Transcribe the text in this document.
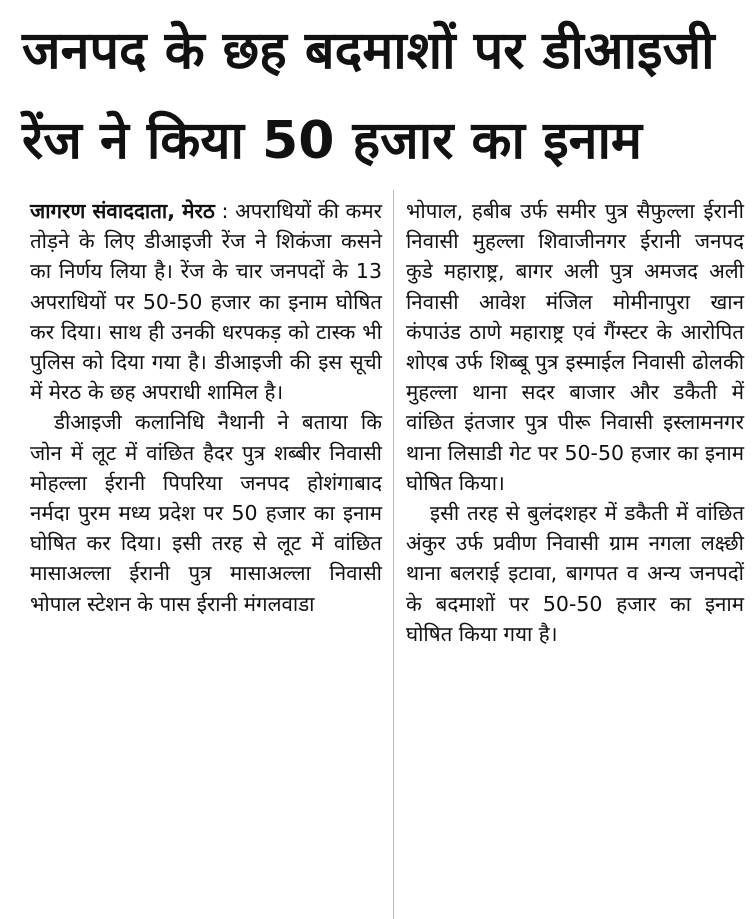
जनपद के छह बदमाशों पर डीआइजी
रेंज ने किया 50 हजार का इनाम

जागरण संवाददाता, मेरठ : अपराधियों की कमर तोड़ने के लिए डीआइजी रेंज ने शिकंजा कसने का निर्णय लिया है। रेंज के चार जनपदों के 13 अपराधियों पर 50-50 हजार का इनाम घोषित कर दिया। साथ ही उनकी धरपकड़ को टास्क भी पुलिस को दिया गया है। डीआइजी की इस सूची में मेरठ के छह अपराधी शामिल है।

डीआइजी कलानिधि नैथानी ने बताया कि जोन में लूट में वांछित हैदर पुत्र शब्बीर निवासी मोहल्ला ईरानी पिपरिया जनपद होशंगाबाद नर्मदा पुरम मध्य प्रदेश पर 50 हजार का इनाम घोषित कर दिया। इसी तरह से लूट में वांछित मासाअल्ला ईरानी पुत्र मासाअल्ला निवासी भोपाल स्टेशन के पास ईरानी मंगलवाडा

भोपाल, हबीब उर्फ समीर पुत्र सैफुल्ला ईरानी निवासी मुहल्ला शिवाजीनगर ईरानी जनपद कुडे महाराष्ट्र, बागर अली पुत्र अमजद अली निवासी आवेश मंजिल मोमीनापुरा खान कंपाउंड ठाणे महाराष्ट्र एवं गैंग्स्टर के आरोपित शोएब उर्फ शिब्बू पुत्र इस्माईल निवासी ढोलकी मुहल्ला थाना सदर बाजार और डकैती में वांछित इंतजार पुत्र पीरू निवासी इस्लामनगर थाना लिसाडी गेट पर 50-50 हजार का इनाम घोषित किया।

इसी तरह से बुलंदशहर में डकैती में वांछित अंकुर उर्फ प्रवीण निवासी ग्राम नगला लक्ष्छी थाना बलराई इटावा, बागपत व अन्य जनपदों के बदमाशों पर 50-50 हजार का इनाम घोषित किया गया है।
